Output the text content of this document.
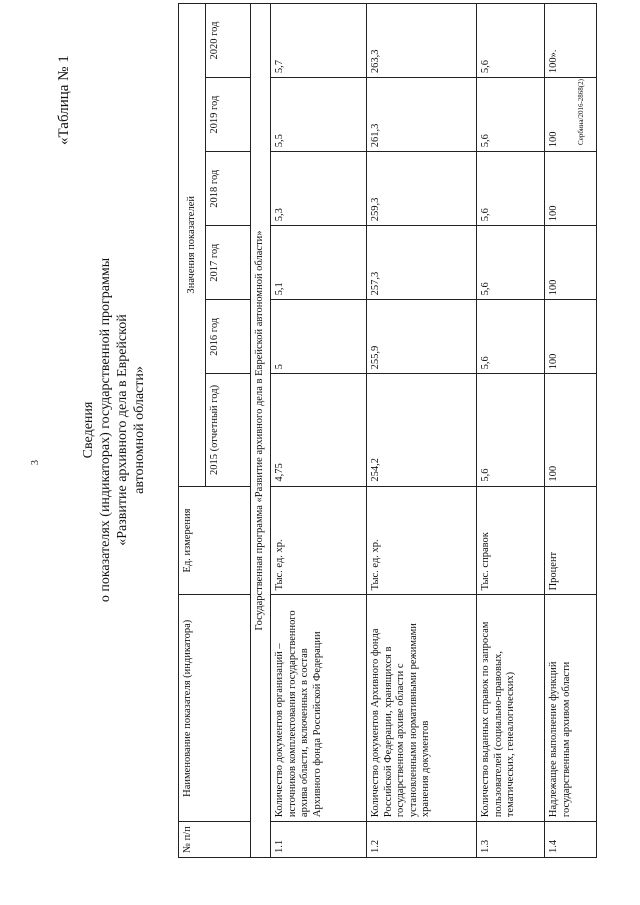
3
«Таблица № 1
Сведения о показателях (индикаторах) государственной программы «Развитие архивного дела в Еврейской автономной области»
Сербина/2016-2868(2)
№ п/п	Наименование показателя (индикатора)	Ед. измерения	Значения показателей					
			2015 (отчетный год)	2016 год	2017 год	2018 год	2019 год	2020 год
Государственная программа «Развитие архивного дела в Еврейской автономной области»								
1.1	Количество документов организаций – источников комплектования государственного архива области, включенных в состав Архивного фонда Российской Федерации	Тыс. ед. хр.	4,75	5	5,1	5,3	5,5	5,7
1.2	Количество документов Архивного фонда Российской Федерации, хранящихся в государственном архиве области с установленными нормативными режимами хранения документов	Тыс. ед. хр.	254,2	255,9	257,3	259,3	261,3	263,3
1.3	Количество выданных справок по запросам пользователей (социально-правовых, тематических, генеалогических)	Тыс. справок	5,6	5,6	5,6	5,6	5,6	5,6
1.4	Надлежащее выполнение функций государственным архивом области	Процент	100	100	100	100	100	100».
